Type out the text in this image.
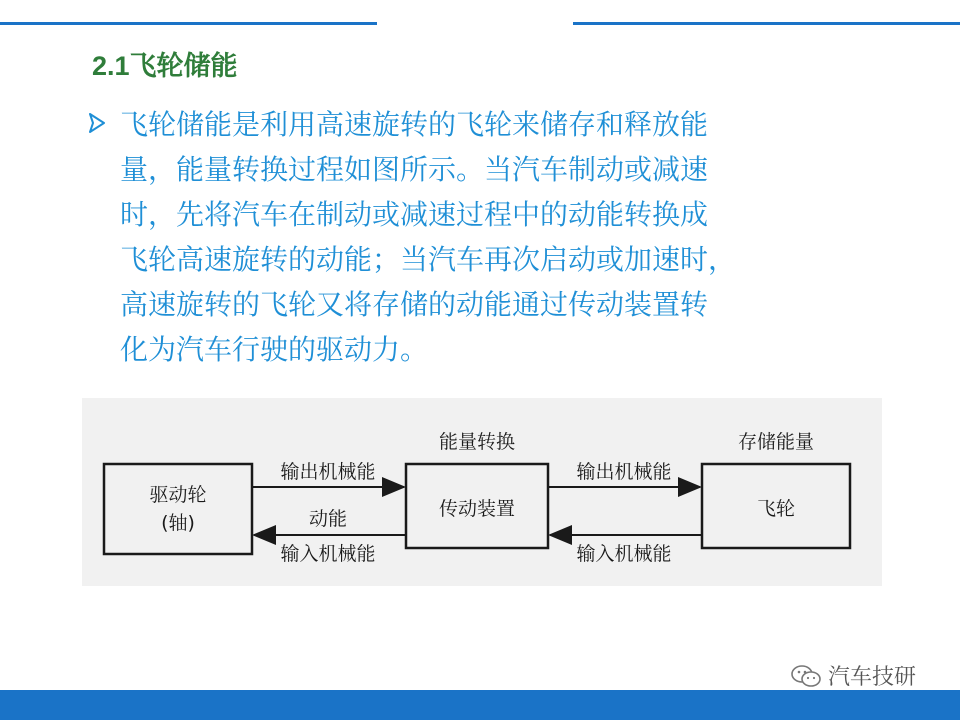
2.1飞轮储能

飞轮储能是利用高速旋转的飞轮来储存和释放能
量，能量转换过程如图所示。当汽车制动或减速
时，先将汽车在制动或减速过程中的动能转换成
飞轮高速旋转的动能；当汽车再次启动或加速时，
高速旋转的飞轮又将存储的动能通过传动装置转
化为汽车行驶的驱动力。

驱动轮
(轴)
传动装置	飞轮
能量转换	存储能量
输出机械能
动能
输入机械能
输出机械能
输入机械能
汽车技研
